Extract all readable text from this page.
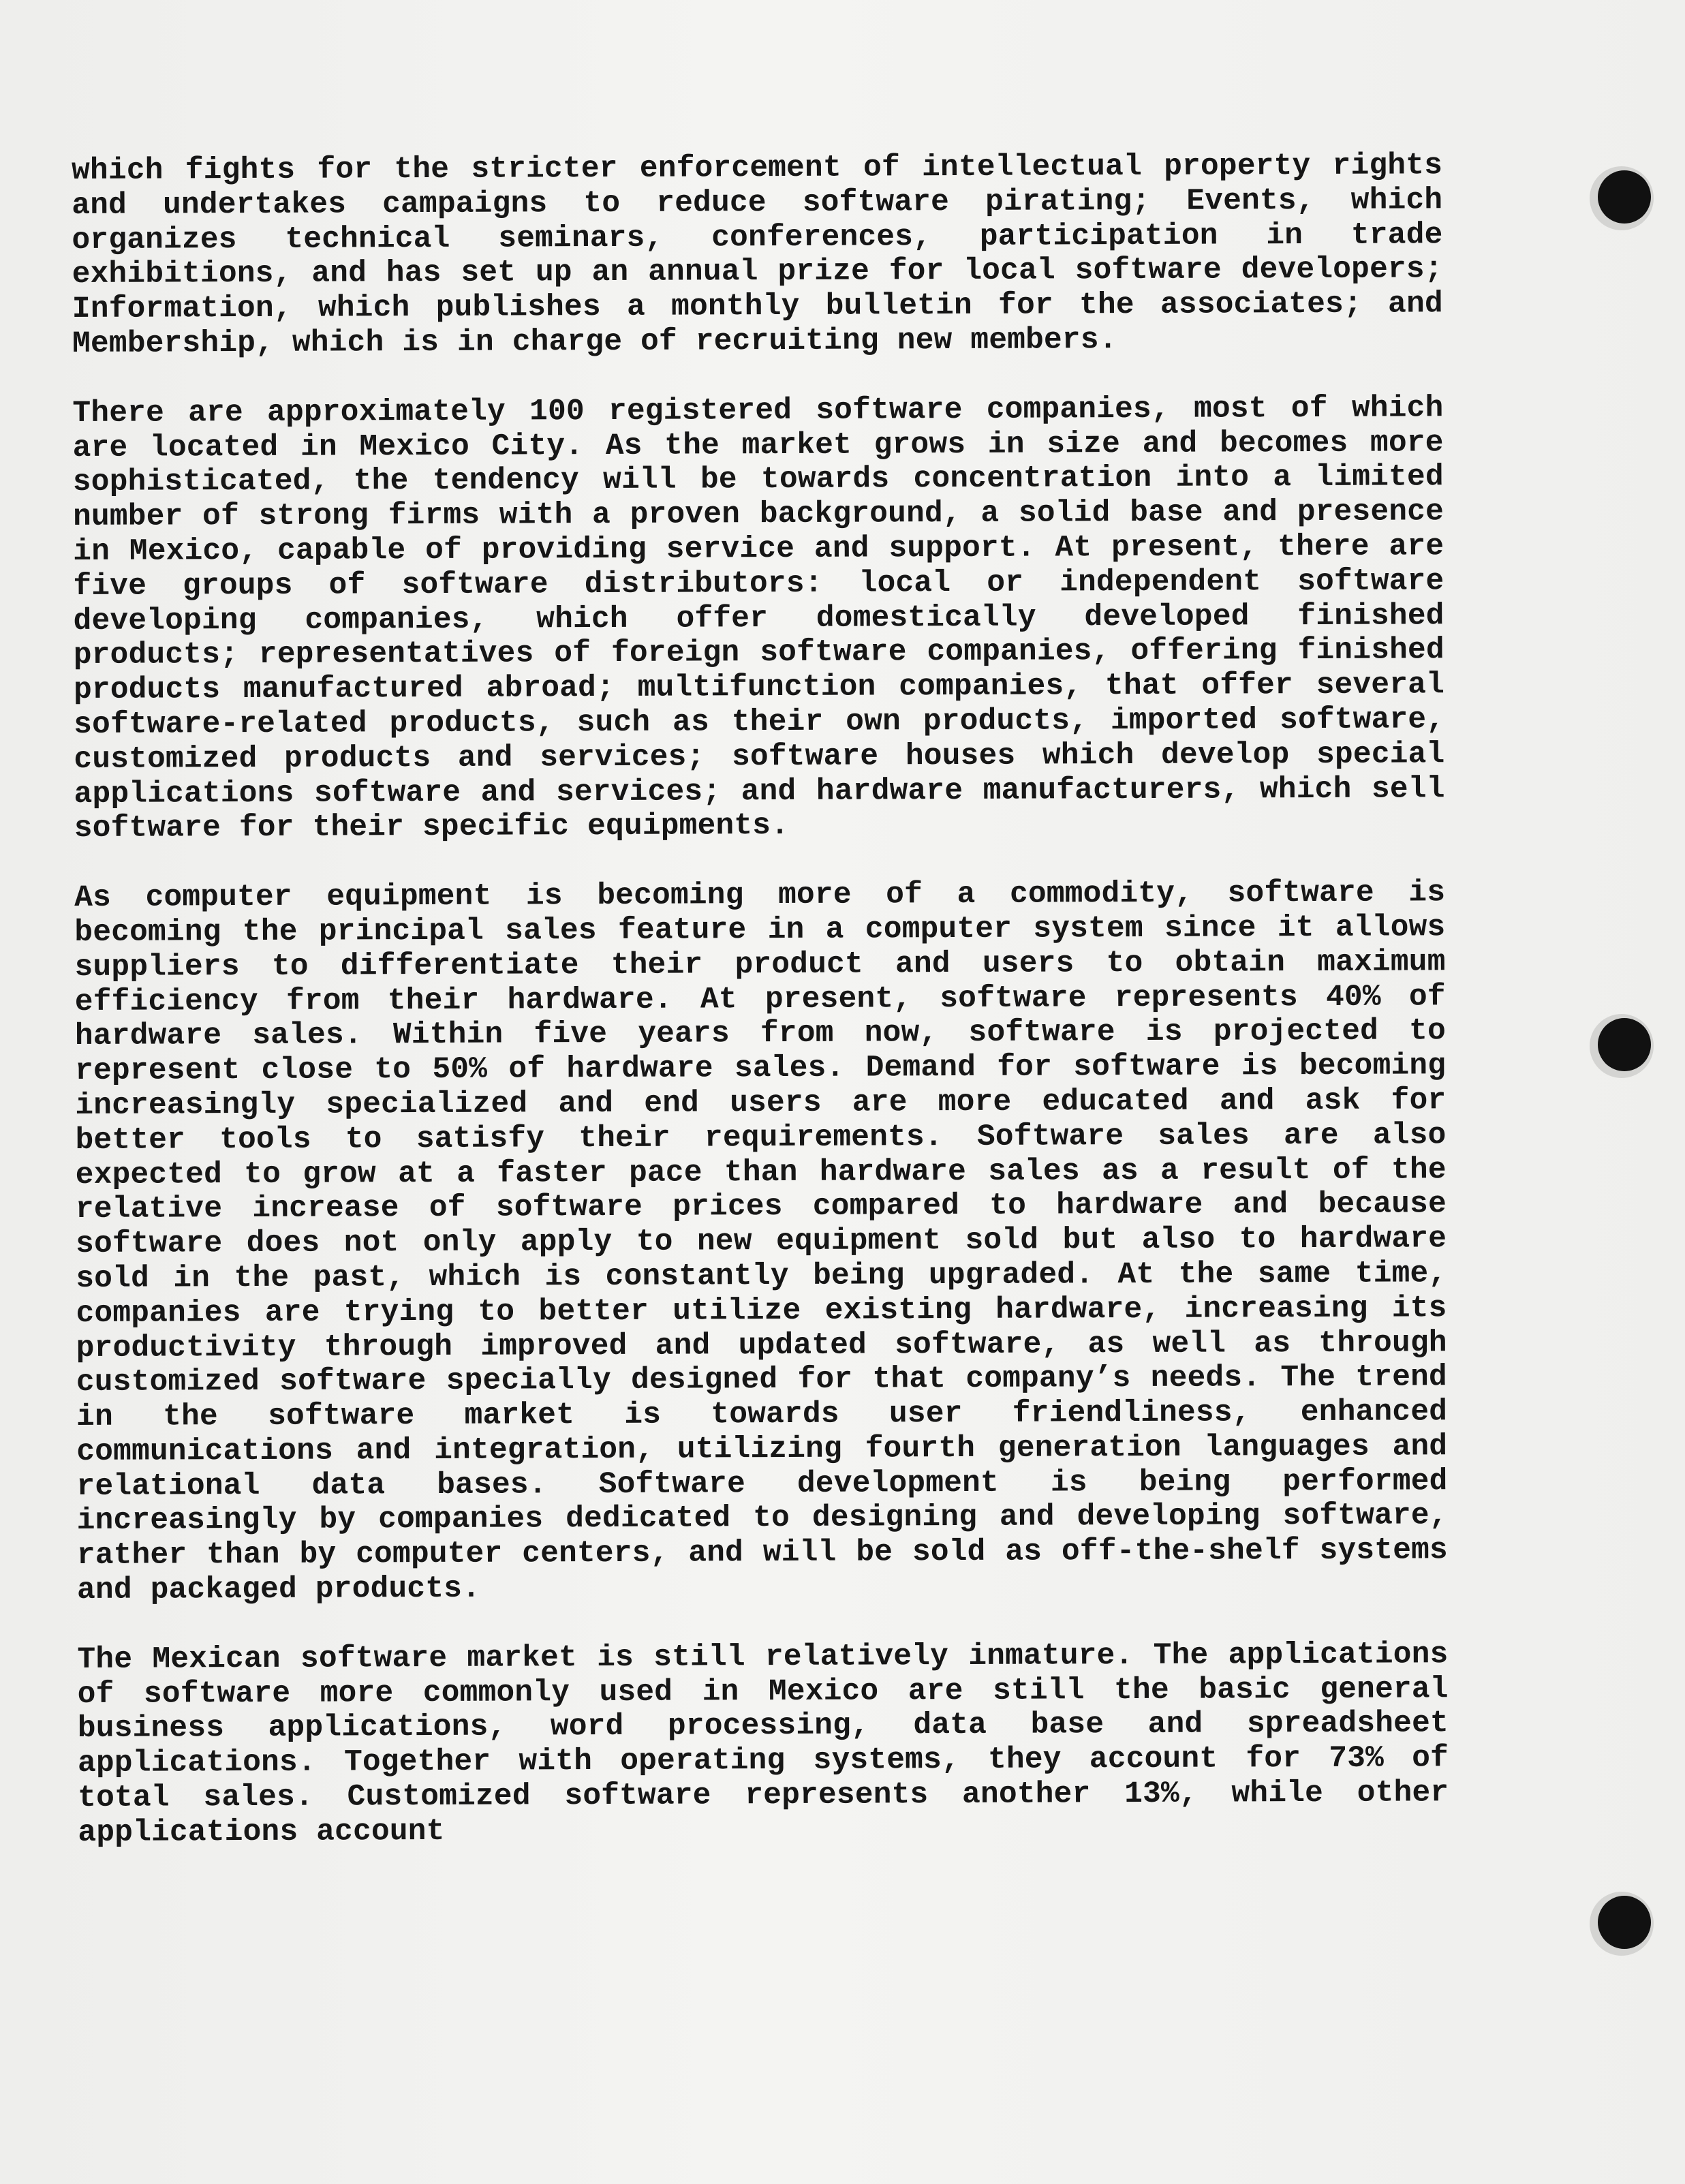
which fights for the stricter enforcement of intellectual property rights and undertakes campaigns to reduce software pirating; Events, which organizes technical seminars, conferences, participation in trade exhibitions, and has set up an annual prize for local software developers; Information, which publishes a monthly bulletin for the associates; and Membership, which is in charge of recruiting new members.

There are approximately 100 registered software companies, most of which are located in Mexico City. As the market grows in size and becomes more sophisticated, the tendency will be towards concentration into a limited number of strong firms with a proven background, a solid base and presence in Mexico, capable of providing service and support. At present, there are five groups of software distributors: local or independent software developing companies, which offer domestically developed finished products; representatives of foreign software companies, offering finished products manufactured abroad; multifunction companies, that offer several software-related products, such as their own products, imported software, customized products and services; software houses which develop special applications software and services; and hardware manufacturers, which sell software for their specific equipments.

As computer equipment is becoming more of a commodity, software is becoming the principal sales feature in a computer system since it allows suppliers to differentiate their product and users to obtain maximum efficiency from their hardware. At present, software represents 40% of hardware sales. Within five years from now, software is projected to represent close to 50% of hardware sales. Demand for software is becoming increasingly specialized and end users are more educated and ask for better tools to satisfy their requirements. Software sales are also expected to grow at a faster pace than hardware sales as a result of the relative increase of software prices compared to hardware and because software does not only apply to new equipment sold but also to hardware sold in the past, which is constantly being upgraded. At the same time, companies are trying to better utilize existing hardware, increasing its productivity through improved and updated software, as well as through customized software specially designed for that company’s needs. The trend in the software market is towards user friendliness, enhanced communications and integration, utilizing fourth generation languages and relational data bases. Software development is being performed increasingly by companies dedicated to designing and developing software, rather than by computer centers, and will be sold as off-the-shelf systems and packaged products.

The Mexican software market is still relatively inmature. The applications of software more commonly used in Mexico are still the basic general business applications, word processing, data base and spreadsheet applications. Together with operating systems, they account for 73% of total sales. Customized software represents another 13%, while other applications account
